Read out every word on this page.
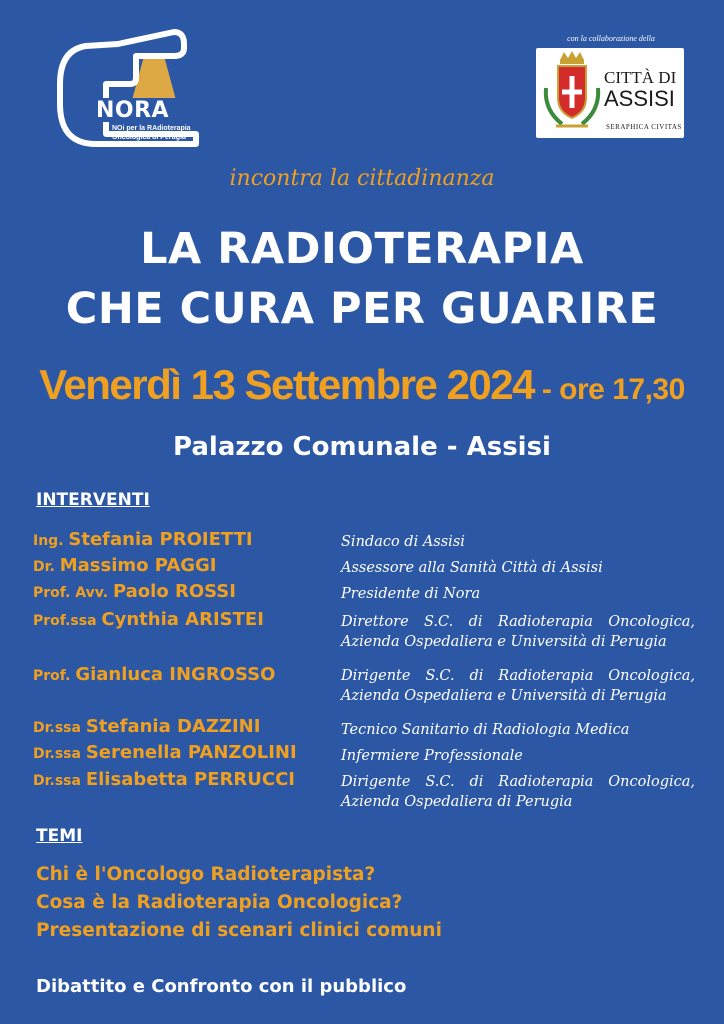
NORA
NOi per la RAdioterapia
Oncologica di Perugia
con la collaborazione della
CITTÀ DI
ASSISI
SERAPHICA CIVITAS
incontra la cittadinanza
LA RADIOTERAPIA
CHE CURA PER GUARIRE
Venerdì 13 Settembre 2024 - ore 17,30
Palazzo Comunale - Assisi
INTERVENTI
Ing. Stefania PROIETTI	Sindaco di Assisi
Dr. Massimo PAGGI	Assessore alla Sanità Città di Assisi
Prof. Avv. Paolo ROSSI	Presidente di Nora
Prof.ssa Cynthia ARISTEI	Direttore S.C. di Radioterapia Oncologica, Azienda Ospedaliera e Università di Perugia
Prof. Gianluca INGROSSO	Dirigente S.C. di Radioterapia Oncologica, Azienda Ospedaliera e Università di Perugia
Dr.ssa Stefania DAZZINI	Tecnico Sanitario di Radiologia Medica
Dr.ssa Serenella PANZOLINI	Infermiere Professionale
Dr.ssa Elisabetta PERRUCCI	Dirigente S.C. di Radioterapia Oncologica, Azienda Ospedaliera di Perugia
TEMI
Chi è l'Oncologo Radioterapista?
Cosa è la Radioterapia Oncologica?
Presentazione di scenari clinici comuni
Dibattito e Confronto con il pubblico
